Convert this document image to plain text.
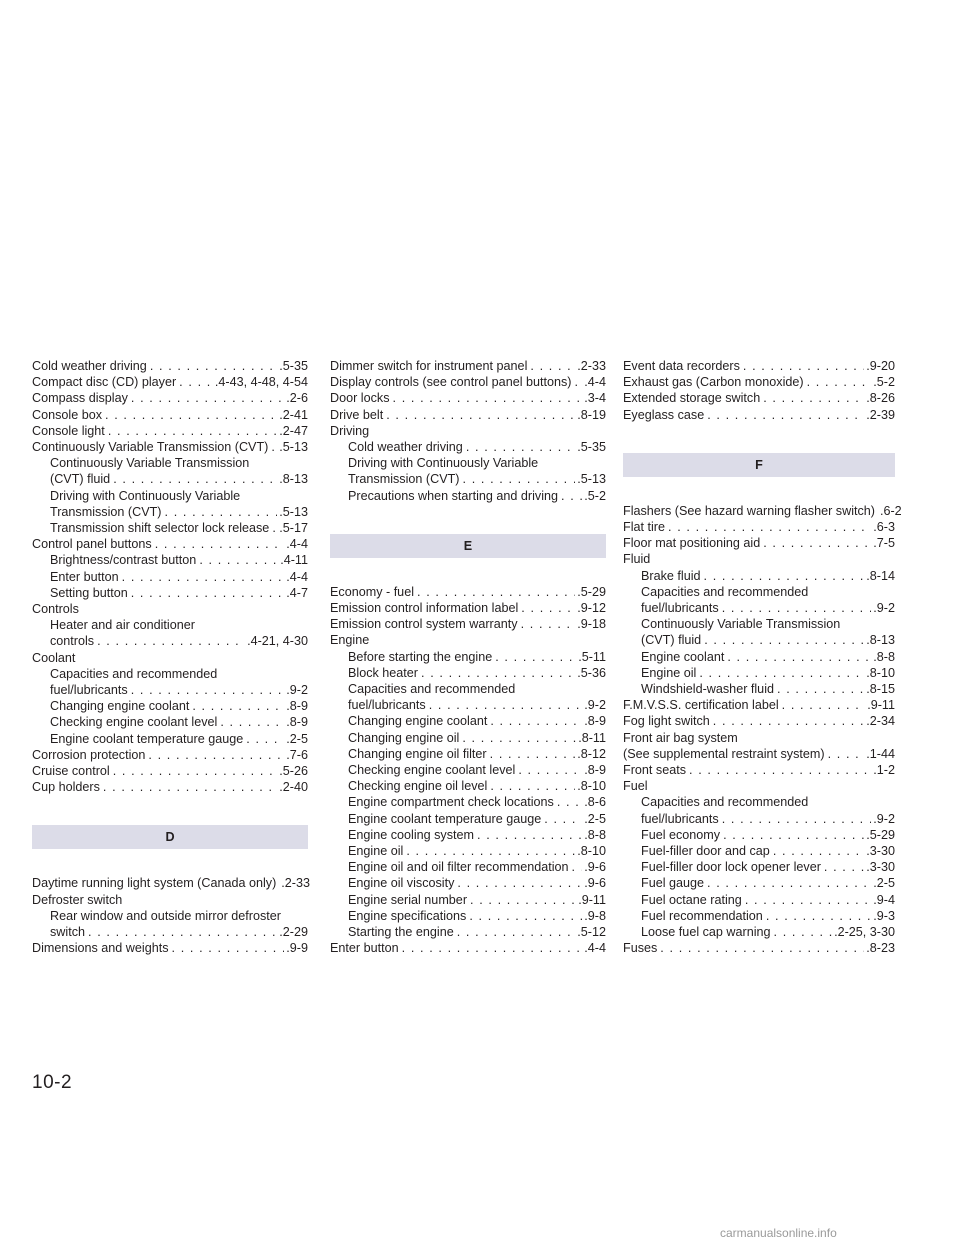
Cold weather driving . . .	.5-35
Compact disc (CD) player . . .	.4-43, 4-48, 4-54
Compass display . . .	.2-6
Console box . . .	.2-41
Console light . . .	.2-47
Continuously Variable Transmission (CVT) . . . .5-13
Continuously Variable Transmission
(CVT) fluid . . .	.8-13
Driving with Continuously Variable
Transmission (CVT) . . .	.5-13
Transmission shift selector lock release . . . .5-17
Control panel buttons . . .	.4-4
Brightness/contrast button . . .	.4-11
Enter button . . .	.4-4
Setting button . . .	.4-7
Controls
Heater and air conditioner
controls . . .	.4-21, 4-30
Coolant
Capacities and recommended
fuel/lubricants . . .	.9-2
Changing engine coolant . . .	.8-9
Checking engine coolant level . . .	.8-9
Engine coolant temperature gauge . . .	.2-5
Corrosion protection . . .	.7-6
Cruise control . . .	.5-26
Cup holders . . .	.2-40
D
Daytime running light system (Canada only) .2-33
Defroster switch
Rear window and outside mirror defroster
switch . . .	.2-29
Dimensions and weights . . .	.9-9
Dimmer switch for instrument panel . . .	.2-33
Display controls (see control panel buttons) . . . .4-4
Door locks . . .	.3-4
Drive belt . . .	.8-19
Driving
Cold weather driving . . .	.5-35
Driving with Continuously Variable
Transmission (CVT) . . .	.5-13
Precautions when starting and driving . . . .5-2
E
Economy - fuel . . .	.5-29
Emission control information label . . .	.9-12
Emission control system warranty . . .	.9-18
Engine
Before starting the engine . . .	.5-11
Block heater . . .	.5-36
Capacities and recommended
fuel/lubricants . . .	.9-2
Changing engine coolant . . .	.8-9
Changing engine oil . . .	.8-11
Changing engine oil filter . . .	.8-12
Checking engine coolant level . . .	.8-9
Checking engine oil level . . .	.8-10
Engine compartment check locations . . . .8-6
Engine coolant temperature gauge . . .	.2-5
Engine cooling system . . .	.8-8
Engine oil . . .	.8-10
Engine oil and oil filter recommendation . . . .9-6
Engine oil viscosity . . .	.9-6
Engine serial number . . .	.9-11
Engine specifications . . .	.9-8
Starting the engine . . .	.5-12
Enter button . . .	.4-4
Event data recorders . . .	.9-20
Exhaust gas (Carbon monoxide) . . .	.5-2
Extended storage switch . . .	.8-26
Eyeglass case . . .	.2-39
F
Flashers (See hazard warning flasher switch) .6-2
Flat tire . . .	.6-3
Floor mat positioning aid . . .	.7-5
Fluid
Brake fluid . . .	.8-14
Capacities and recommended
fuel/lubricants . . .	.9-2
Continuously Variable Transmission
(CVT) fluid . . .	.8-13
Engine coolant . . .	.8-8
Engine oil . . .	.8-10
Windshield-washer fluid . . .	.8-15
F.M.V.S.S. certification label . . .	.9-11
Fog light switch . . .	.2-34
Front air bag system
(See supplemental restraint system) . . .	.1-44
Front seats . . .	.1-2
Fuel
Capacities and recommended
fuel/lubricants . . .	.9-2
Fuel economy . . .	.5-29
Fuel-filler door and cap . . .	.3-30
Fuel-filler door lock opener lever . . .	.3-30
Fuel gauge . . .	.2-5
Fuel octane rating . . .	.9-4
Fuel recommendation . . .	.9-3
Loose fuel cap warning . . .	.2-25, 3-30
Fuses . . .	.8-23
10-2
carmanualsonline.info
